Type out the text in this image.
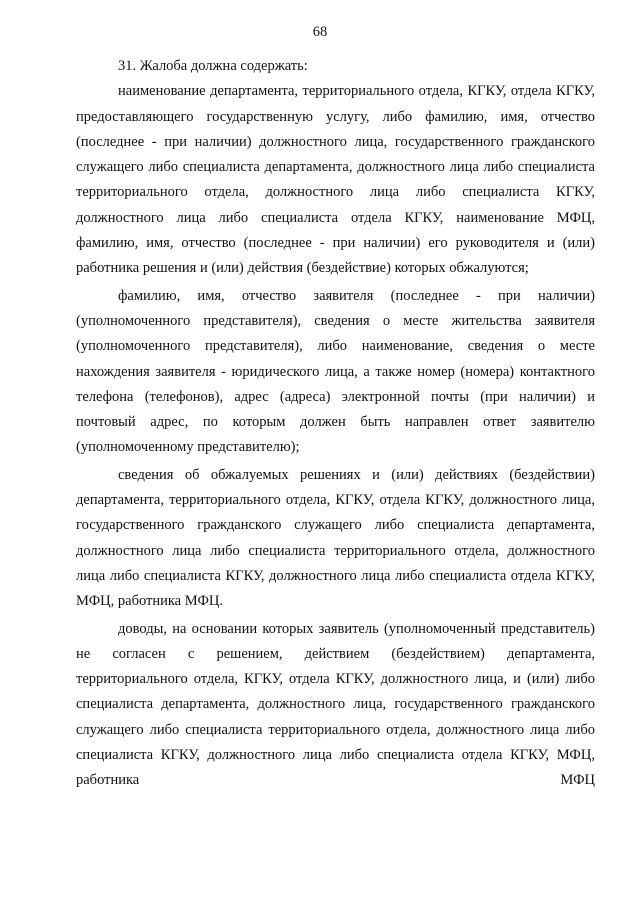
68

31. Жалоба должна содержать:

наименование департамента, территориального отдела, КГКУ, отдела КГКУ, предоставляющего государственную услугу, либо фамилию, имя, отчество (последнее - при наличии) должностного лица, государственного гражданского служащего либо специалиста департамента, должностного лица либо специалиста территориального отдела, должностного лица либо специалиста КГКУ, должностного лица либо специалиста отдела КГКУ, наименование МФЦ, фамилию, имя, отчество (последнее - при наличии) его руководителя и (или) работника решения и (или) действия (бездействие) которых обжалуются;

фамилию, имя, отчество заявителя (последнее - при наличии) (уполномоченного представителя), сведения о месте жительства заявителя (уполномоченного представителя), либо наименование, сведения о месте нахождения заявителя - юридического лица, а также номер (номера) контактного телефона (телефонов), адрес (адреса) электронной почты (при наличии) и почтовый адрес, по которым должен быть направлен ответ заявителю (уполномоченному представителю);

сведения об обжалуемых решениях и (или) действиях (бездействии) департамента, территориального отдела, КГКУ, отдела КГКУ, должностного лица, государственного гражданского служащего либо специалиста департамента, должностного лица либо специалиста территориального отдела, должностного лица либо специалиста КГКУ, должностного лица либо специалиста отдела КГКУ, МФЦ, работника МФЦ.

доводы, на основании которых заявитель (уполномоченный представитель) не согласен с решением, действием (бездействием) департамента, территориального отдела, КГКУ, отдела КГКУ, должностного лица, и (или) либо специалиста департамента, должностного лица, государственного гражданского служащего либо специалиста территориального отдела, должностного лица либо специалиста КГКУ, должностного лица либо специалиста отдела КГКУ, МФЦ, работника МФЦ
